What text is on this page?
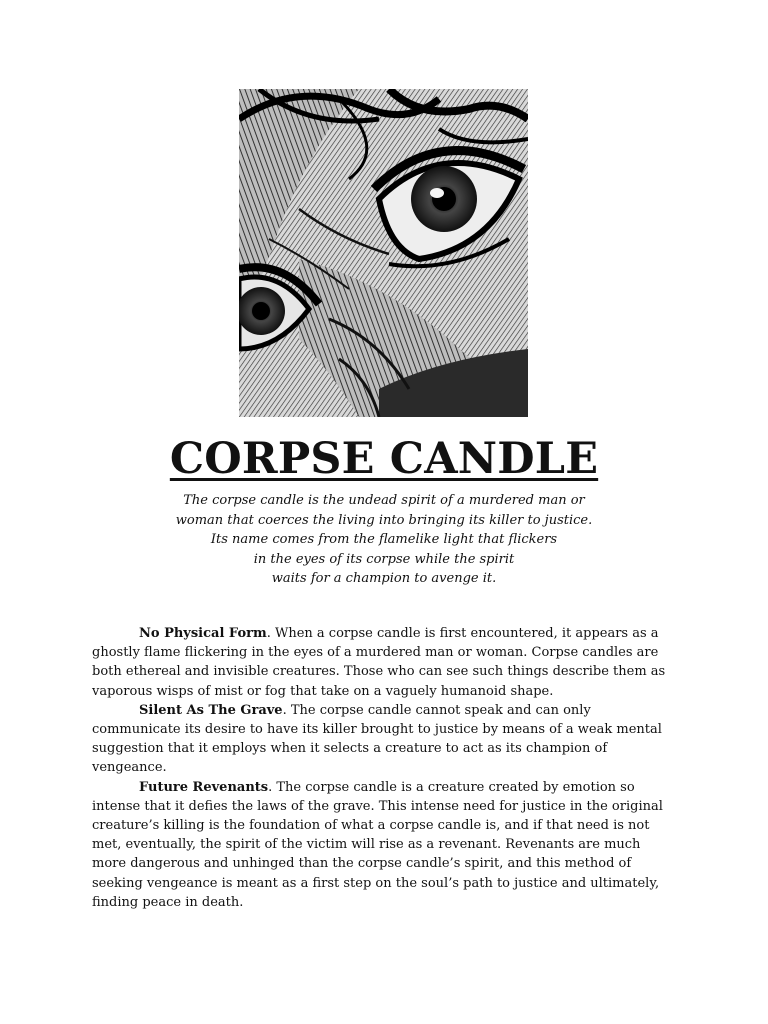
CORPSE CANDLE
The corpse candle is the undead spirit of a murdered man or
woman that coerces the living into bringing its killer to justice.
Its name comes from the flamelike light that flickers
in the eyes of its corpse while the spirit
waits for a champion to avenge it.

No Physical Form. When a corpse candle is first encountered, it appears as a ghostly flame flickering in the eyes of a murdered man or woman. Corpse candles are both ethereal and invisible creatures. Those who can see such things describe them as vaporous wisps of mist or fog that take on a vaguely humanoid shape.

Silent As The Grave. The corpse candle cannot speak and can only communicate its desire to have its killer brought to justice by means of a weak mental suggestion that it employs when it selects a creature to act as its champion of vengeance.

Future Revenants. The corpse candle is a creature created by emotion so intense that it defies the laws of the grave. This intense need for justice in the original creature’s killing is the foundation of what a corpse candle is, and if that need is not met, eventually, the spirit of the victim will rise as a revenant. Revenants are much more dangerous and unhinged than the corpse candle’s spirit, and this method of seeking vengeance is meant as a first step on the soul’s path to justice and ultimately, finding peace in death.
